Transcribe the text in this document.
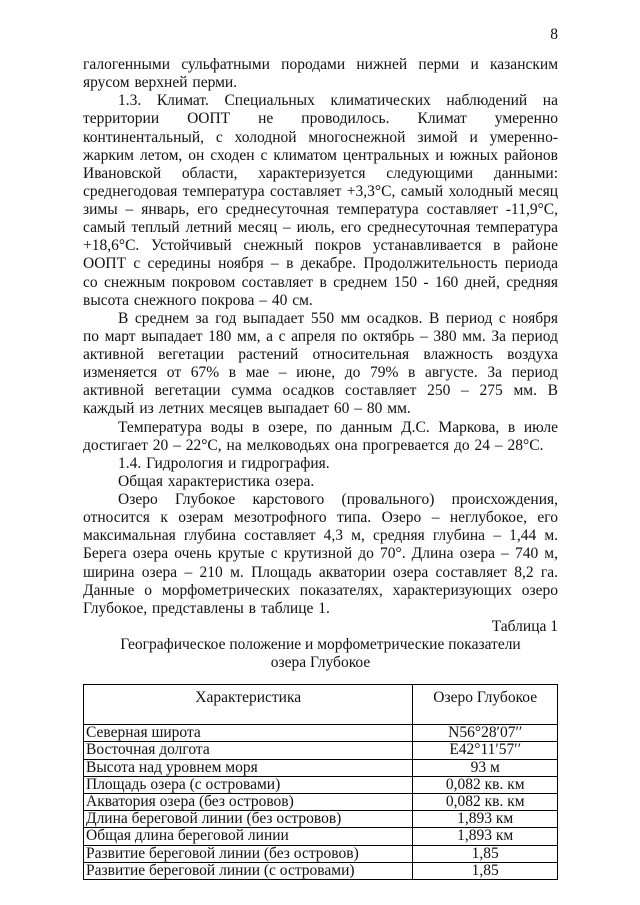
8

галогенными сульфатными породами нижней перми и казанским ярусом верхней перми.

1.3. Климат. Специальных климатических наблюдений на территории ООПТ не проводилось. Климат умеренно континентальный, с холодной многоснежной зимой и умеренно-жарким летом, он сходен с климатом центральных и южных районов Ивановской области, характеризуется следующими данными: среднегодовая температура составляет +3,3°С, самый холодный месяц зимы – январь, его среднесуточная температура составляет -11,9°С, самый теплый летний месяц – июль, его среднесуточная температура +18,6°С. Устойчивый снежный покров устанавливается в районе ООПТ с середины ноября – в декабре. Продолжительность периода со снежным покровом составляет в среднем 150 - 160 дней, средняя высота снежного покрова – 40 см.

В среднем за год выпадает 550 мм осадков. В период с ноября по март выпадает 180 мм, а с апреля по октябрь – 380 мм. За период активной вегетации растений относительная влажность воздуха изменяется от 67% в мае – июне, до 79% в августе. За период активной вегетации сумма осадков составляет 250 – 275 мм. В каждый из летних месяцев выпадает 60 – 80 мм.

Температура воды в озере, по данным Д.С. Маркова, в июле достигает 20 – 22°С, на мелководьях она прогревается до 24 – 28°С.

1.4. Гидрология и гидрография.

Общая характеристика озера.

Озеро Глубокое карстового (провального) происхождения, относится к озерам мезотрофного типа. Озеро – неглубокое, его максимальная глубина составляет 4,3 м, средняя глубина – 1,44 м. Берега озера очень крутые с крутизной до 70°. Длина озера – 740 м, ширина озера – 210 м. Площадь акватории озера составляет 8,2 га. Данные о морфометрических показателях, характеризующих озеро Глубокое, представлены в таблице 1.

Таблица 1
Географическое положение и морфометрические показатели
озера Глубокое
Характеристика	Озеро Глубокое
Северная широта	N56°28′07′′
Восточная долгота	E42°11′57′′
Высота над уровнем моря	93 м
Площадь озера (с островами)	0,082 кв. км
Акватория озера (без островов)	0,082 кв. км
Длина береговой линии (без островов)	1,893 км
Общая длина береговой линии	1,893 км
Развитие береговой линии (без островов)	1,85
Развитие береговой линии (с островами)	1,85
